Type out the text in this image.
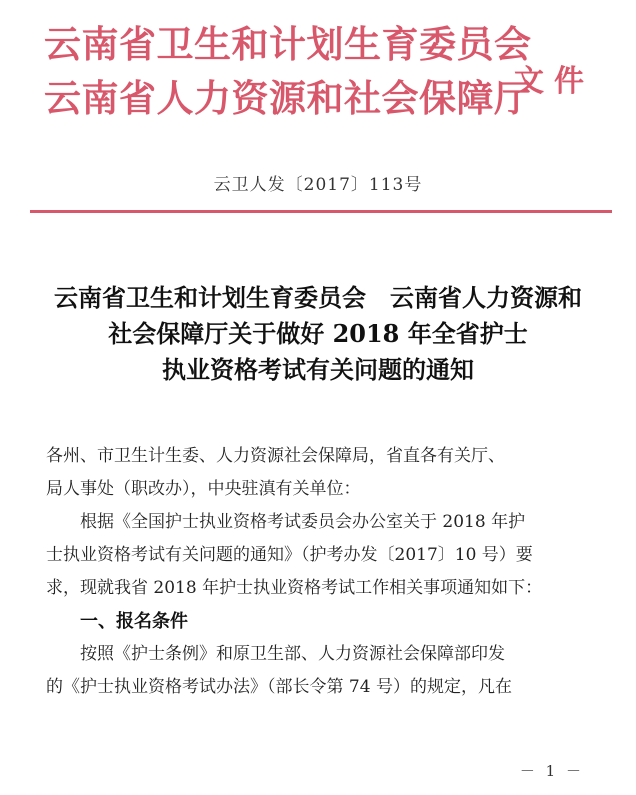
云南省卫生和计划生育委员会
云南省人力资源和社会保障厅
文件
云卫人发〔2017〕113号
云南省卫生和计划生育委员会　云南省人力资源和
社会保障厅关于做好 2018 年全省护士
执业资格考试有关问题的通知
各州、市卫生计生委、人力资源社会保障局，省直各有关厅、
局人事处（职改办），中央驻滇有关单位：
根据《全国护士执业资格考试委员会办公室关于 2018 年护
士执业资格考试有关问题的通知》（护考办发〔2017〕10 号）要
求，现就我省 2018 年护士执业资格考试工作相关事项通知如下：
一、报名条件
按照《护士条例》和原卫生部、人力资源社会保障部印发
的《护士执业资格考试办法》（部长令第 74 号）的规定，凡在
－ 1 －
